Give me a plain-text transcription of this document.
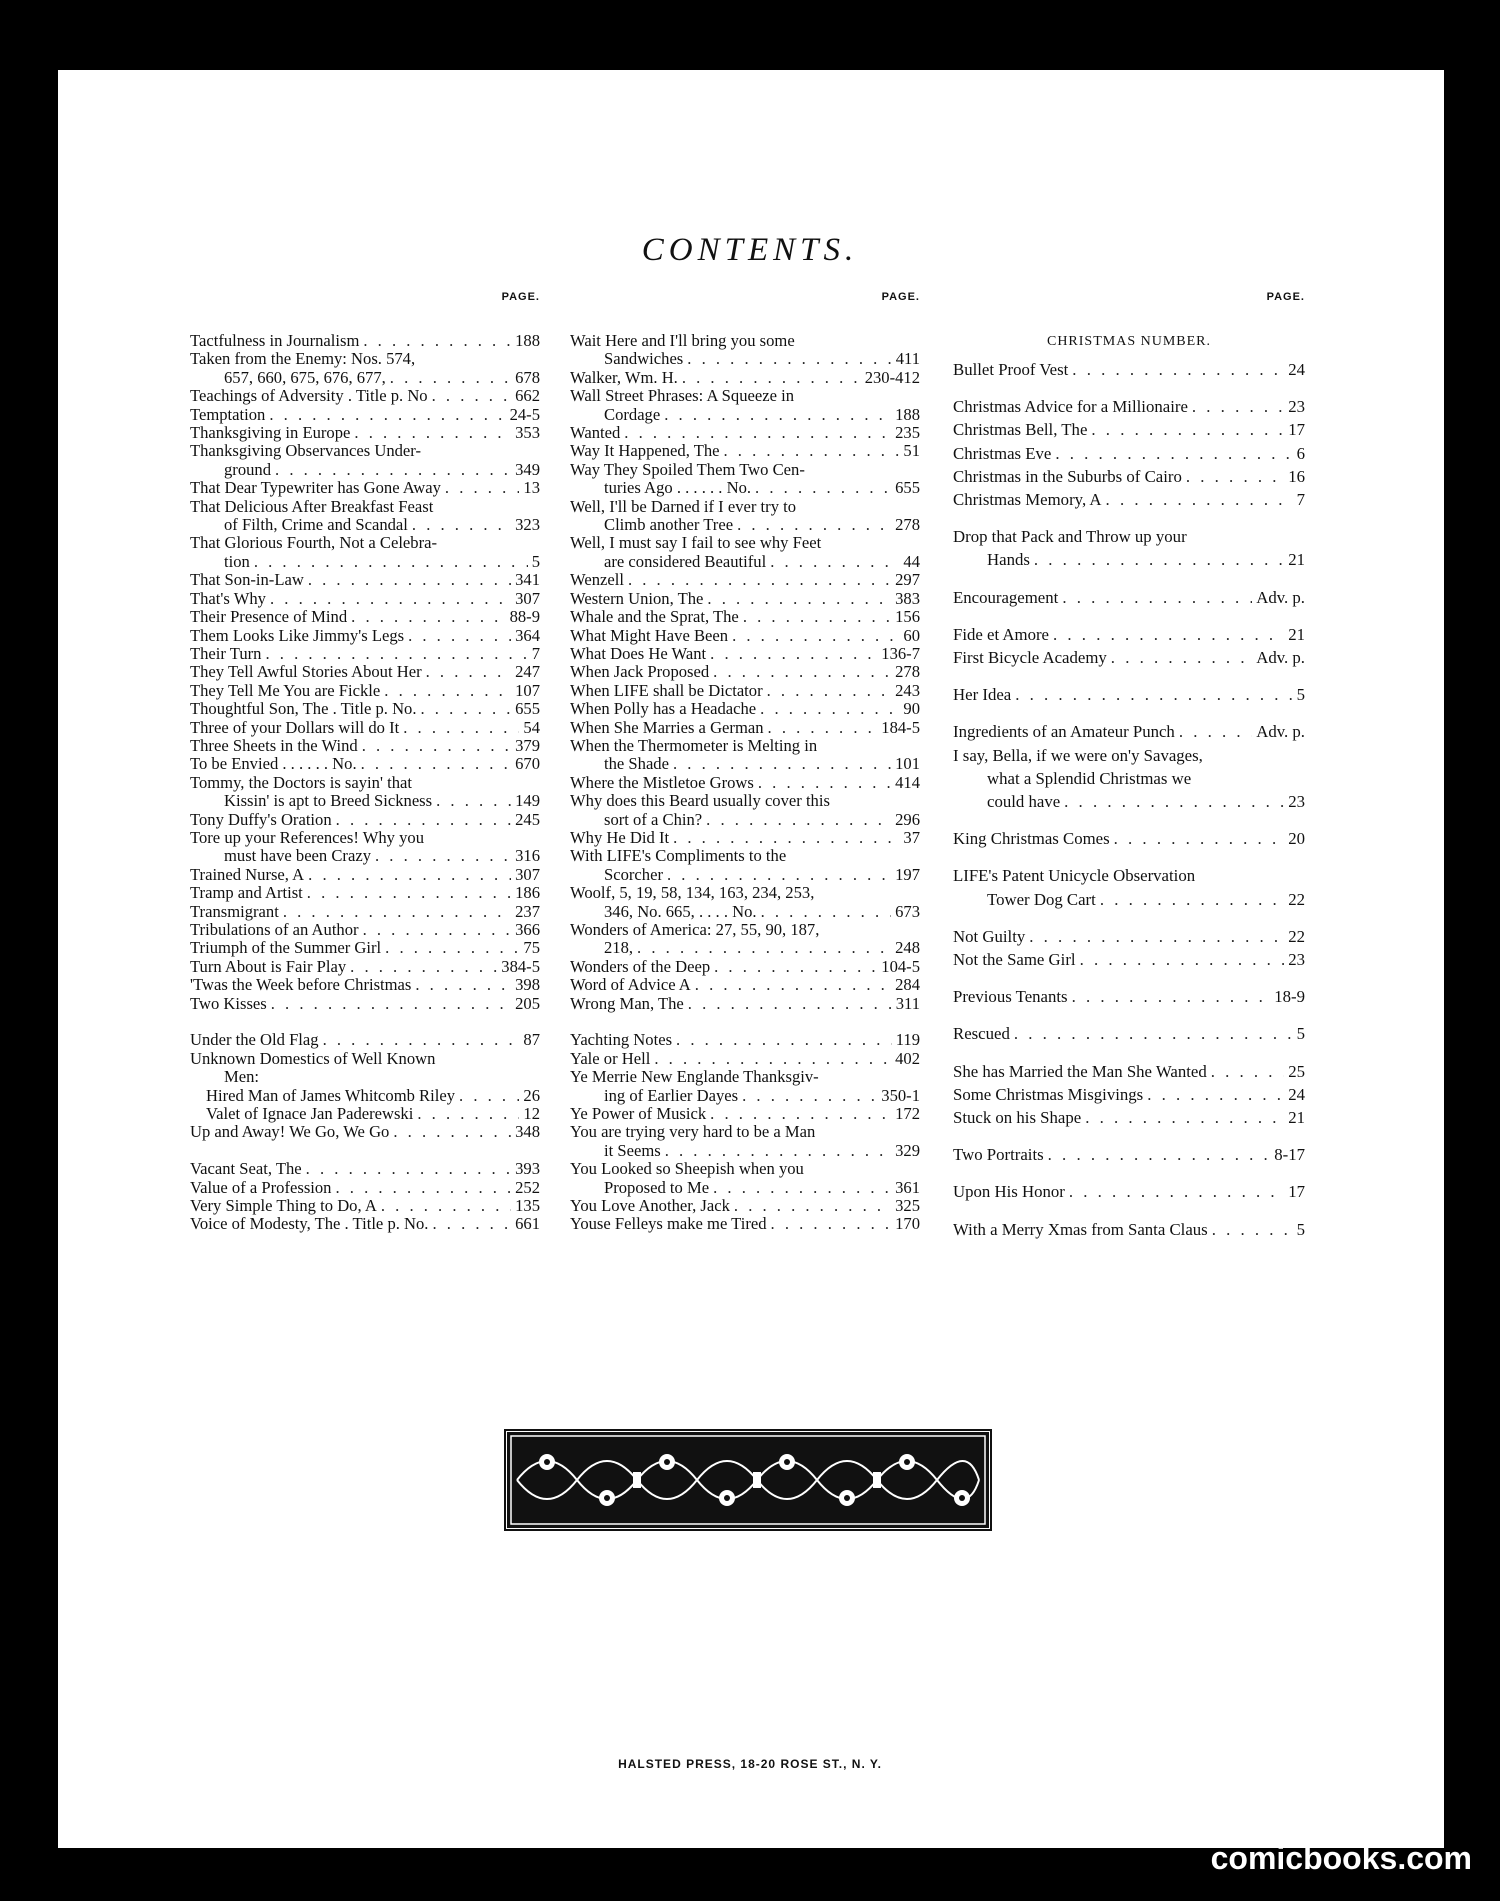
CONTENTS.
PAGE.
Tactfulness in Journalism . . .	188
Taken from the Enemy: Nos. 574,
657, 660, 675, 676, 677, . . .	678
Teachings of Adversity . Title p. No . . .	662
Temptation . . .	24-5
Thanksgiving in Europe . . .	353
Thanksgiving Observances Under-
ground . . .	349
That Dear Typewriter has Gone Away . . .	13
That Delicious After Breakfast Feast
of Filth, Crime and Scandal . . .	323
That Glorious Fourth, Not a Celebra-
tion . . .	5
That Son-in-Law . . .	341
That's Why . . .	307
Their Presence of Mind . . .	88-9
Them Looks Like Jimmy's Legs . . .	364
Their Turn . . .	7
They Tell Awful Stories About Her . . .	247
They Tell Me You are Fickle . . .	107
Thoughtful Son, The . Title p. No. . . .	655
Three of your Dollars will do It . . .	54
Three Sheets in the Wind . . .	379
To be Envied . . . . . . No. . . .	670
Tommy, the Doctors is sayin' that
Kissin' is apt to Breed Sickness . . .	149
Tony Duffy's Oration . . .	245
Tore up your References! Why you
must have been Crazy . . .	316
Trained Nurse, A . . .	307
Tramp and Artist . . .	186
Transmigrant . . .	237
Tribulations of an Author . . .	366
Triumph of the Summer Girl . . .	75
Turn About is Fair Play . . .	384-5
'Twas the Week before Christmas . . .	398
Two Kisses . . .	205
Under the Old Flag . . .	87
Unknown Domestics of Well Known
Men:
Hired Man of James Whitcomb Riley . . .	26
Valet of Ignace Jan Paderewski . . .	12
Up and Away! We Go, We Go . . .	348
Vacant Seat, The . . .	393
Value of a Profession . . .	252
Very Simple Thing to Do, A . . .	135
Voice of Modesty, The . Title p. No. . . .	661
PAGE.
Wait Here and I'll bring you some
Sandwiches . . .	411
Walker, Wm. H. . . .	230-412
Wall Street Phrases: A Squeeze in
Cordage . . .	188
Wanted . . .	235
Way It Happened, The . . .	51
Way They Spoiled Them Two Cen-
turies Ago . . . . . . No. . . .	655
Well, I'll be Darned if I ever try to
Climb another Tree . . .	278
Well, I must say I fail to see why Feet
are considered Beautiful . . .	44
Wenzell . . .	297
Western Union, The . . .	383
Whale and the Sprat, The . . .	156
What Might Have Been . . .	60
What Does He Want . . .	136-7
When Jack Proposed . . .	278
When LIFE shall be Dictator . . .	243
When Polly has a Headache . . .	90
When She Marries a German . . .	184-5
When the Thermometer is Melting in
the Shade . . .	101
Where the Mistletoe Grows . . .	414
Why does this Beard usually cover this
sort of a Chin? . . .	296
Why He Did It . . .	37
With LIFE's Compliments to the
Scorcher . . .	197
Woolf, 5, 19, 58, 134, 163, 234, 253,
346, No. 665, . . . . No. . . .	673
Wonders of America: 27, 55, 90, 187,
218, . . .	248
Wonders of the Deep . . .	104-5
Word of Advice A . . .	284
Wrong Man, The . . .	311
Yachting Notes . . .	119
Yale or Hell . . .	402
Ye Merrie New Englande Thanksgiv-
ing of Earlier Dayes . . .	350-1
Ye Power of Musick . . .	172
You are trying very hard to be a Man
it Seems . . .	329
You Looked so Sheepish when you
Proposed to Me . . .	361
You Love Another, Jack . . .	325
Youse Felleys make me Tired . . .	170
PAGE.
CHRISTMAS NUMBER.
Bullet Proof Vest . . .	24
Christmas Advice for a Millionaire . . .	23
Christmas Bell, The . . .	17
Christmas Eve . . .	6
Christmas in the Suburbs of Cairo . . .	16
Christmas Memory, A . . .	7
Drop that Pack and Throw up your
Hands . . .	21
Encouragement . . .	Adv. p.
Fide et Amore . . .	21
First Bicycle Academy . . .	Adv. p.
Her Idea . . .	5
Ingredients of an Amateur Punch . . .	Adv. p.
I say, Bella, if we were on'y Savages,
what a Splendid Christmas we
could have . . .	23
King Christmas Comes . . .	20
LIFE's Patent Unicycle Observation
Tower Dog Cart . . .	22
Not Guilty . . .	22
Not the Same Girl . . .	23
Previous Tenants . . .	18-9
Rescued . . .	5
She has Married the Man She Wanted . . .	25
Some Christmas Misgivings . . .	24
Stuck on his Shape . . .	21
Two Portraits . . .	8-17
Upon His Honor . . .	17
With a Merry Xmas from Santa Claus . . .	5
HALSTED PRESS, 18-20 ROSE ST., N. Y.
comicbooks.com
